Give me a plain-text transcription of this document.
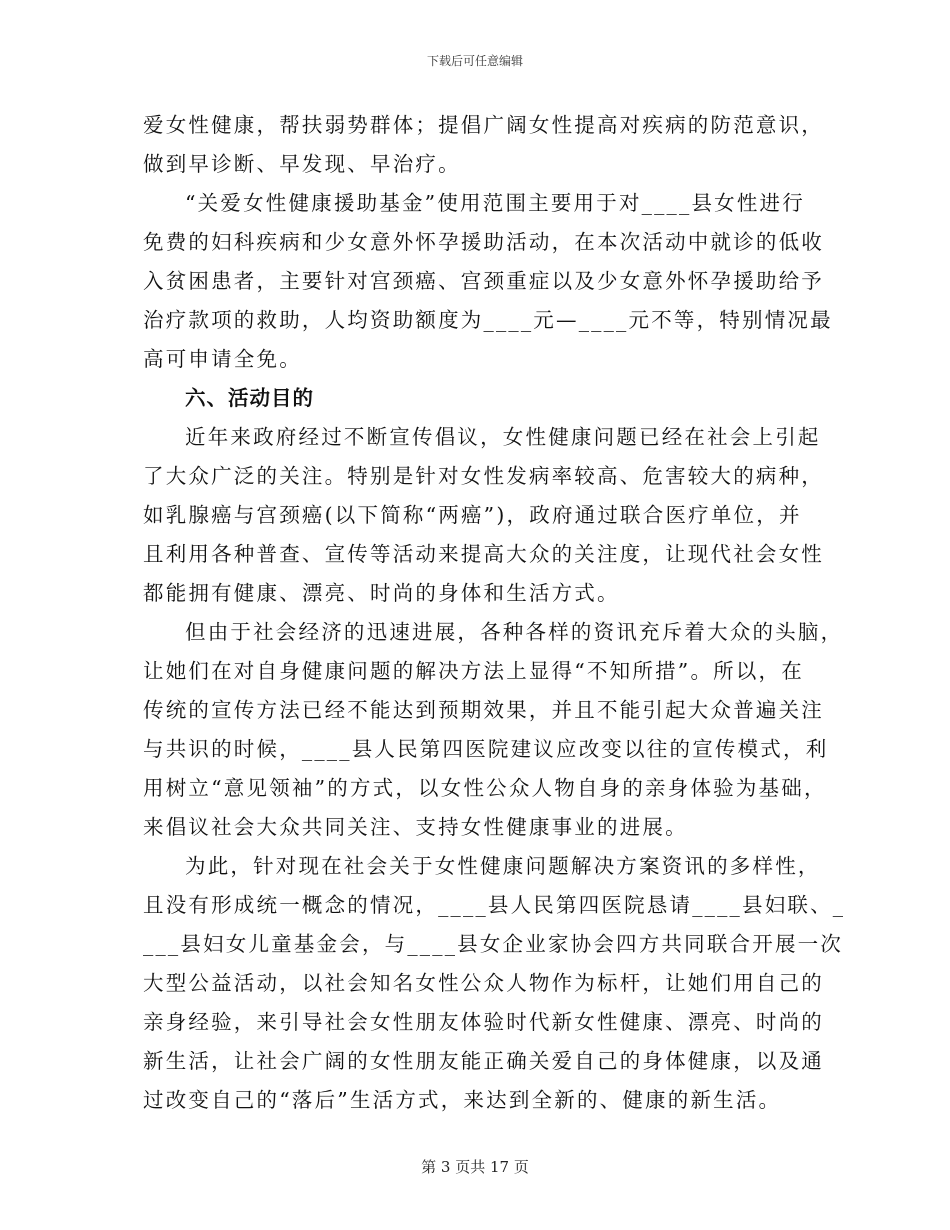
下载后可任意编辑
爱女性健康，帮扶弱势群体；提倡广阔女性提高对疾病的防范意识，
做到早诊断、早发现、早治疗。
“关爱女性健康援助基金”使用范围主要用于对____县女性进行
免费的妇科疾病和少女意外怀孕援助活动，在本次活动中就诊的低收
入贫困患者，主要针对宫颈癌、宫颈重症以及少女意外怀孕援助给予
治疗款项的救助，人均资助额度为____元—____元不等，特别情况最
高可申请全免。
六、活动目的
近年来政府经过不断宣传倡议，女性健康问题已经在社会上引起
了大众广泛的关注。特别是针对女性发病率较高、危害较大的病种，
如乳腺癌与宫颈癌(以下简称“两癌”)，政府通过联合医疗单位，并
且利用各种普查、宣传等活动来提高大众的关注度，让现代社会女性
都能拥有健康、漂亮、时尚的身体和生活方式。
但由于社会经济的迅速进展，各种各样的资讯充斥着大众的头脑，
让她们在对自身健康问题的解决方法上显得“不知所措”。所以，在
传统的宣传方法已经不能达到预期效果，并且不能引起大众普遍关注
与共识的时候，____县人民第四医院建议应改变以往的宣传模式，利
用树立“意见领袖”的方式，以女性公众人物自身的亲身体验为基础，
来倡议社会大众共同关注、支持女性健康事业的进展。
为此，针对现在社会关于女性健康问题解决方案资讯的多样性，
且没有形成统一概念的情况，____县人民第四医院恳请____县妇联、_
___县妇女儿童基金会，与____县女企业家协会四方共同联合开展一次
大型公益活动，以社会知名女性公众人物作为标杆，让她们用自己的
亲身经验，来引导社会女性朋友体验时代新女性健康、漂亮、时尚的
新生活，让社会广阔的女性朋友能正确关爱自己的身体健康，以及通
过改变自己的“落后”生活方式，来达到全新的、健康的新生活。
第 3 页共 17 页
